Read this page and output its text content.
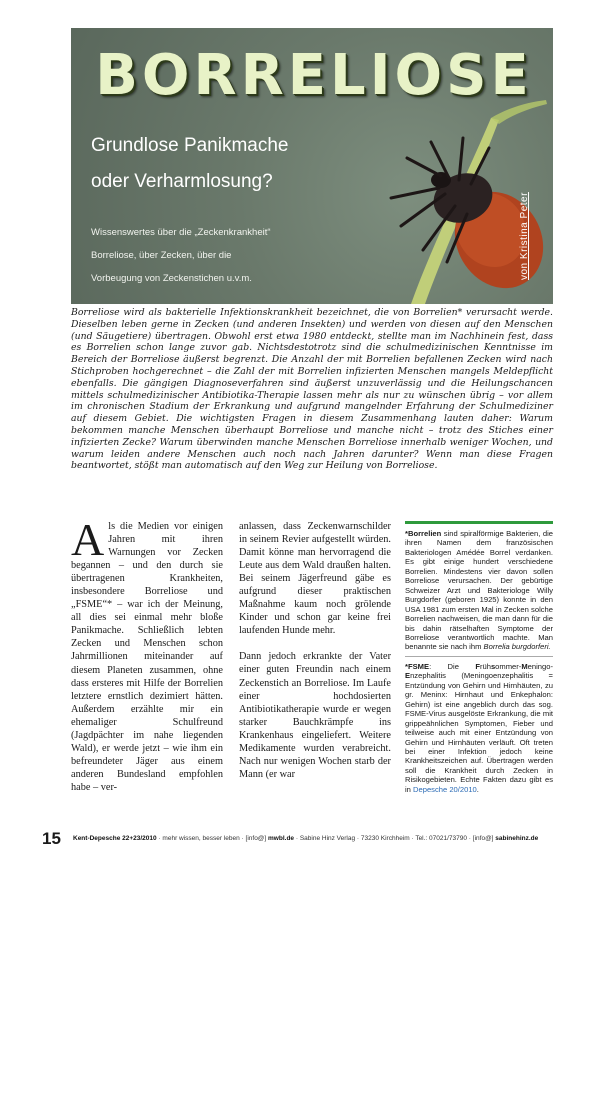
BORRELIOSE
Grundlose Panikmache
oder Verharmlosung?
Wissenswertes über die „Zeckenkrankheit“
Borreliose, über Zecken, über die
Vorbeugung von Zeckenstichen u.v.m.	von Kristina Peter
Borreliose wird als bakterielle Infektionskrankheit bezeichnet, die von Borrelien* verursacht werde. Dieselben leben gerne in Zecken (und anderen Insekten) und werden von diesen auf den Menschen (und Säugetiere) übertragen. Obwohl erst etwa 1980 entdeckt, stellte man im Nachhinein fest, dass es Borrelien schon lange zuvor gab. Nichtsdestotrotz sind die schulmedizinischen Kenntnisse im Bereich der Borreliose äußerst begrenzt. Die Anzahl der mit Borrelien befallenen Zecken wird nach Stichproben hochgerechnet – die Zahl der mit Borrelien infizierten Menschen mangels Meldepflicht ebenfalls. Die gängigen Diagnoseverfahren sind äußerst unzuverlässig und die Heilungschancen mittels schulmedizinischer Antibiotika-Therapie lassen mehr als nur zu wünschen übrig – vor allem im chronischen Stadium der Erkrankung und aufgrund mangelnder Erfahrung der Schulmediziner auf diesem Gebiet. Die wichtigsten Fragen in diesem Zusammenhang lauten daher: Warum bekommen manche Menschen überhaupt Borreliose und manche nicht – trotz des Stiches einer infizierten Zecke? Warum überwinden manche Menschen Borreliose innerhalb weniger Wochen, und warum leiden andere Menschen auch noch nach Jahren darunter? Wenn man diese Fragen beantwortet, stößt man automatisch auf den Weg zur Heilung von Borreliose.

Als die Medien vor einigen Jahren mit ihren Warnungen vor Zecken begannen – und den durch sie übertragenen Krankheiten, insbesondere Borreliose und „FSME“* – war ich der Meinung, all dies sei einmal mehr bloße Panikmache. Schließlich lebten Zecken und Menschen schon Jahrmillionen miteinander auf diesem Planeten zusammen, ohne dass ersteres mit Hilfe der Borrelien letztere ernstlich dezimiert hätten. Außerdem erzählte mir ein ehemaliger Schulfreund (Jagdpächter im nahe liegenden Wald), er werde jetzt – wie ihm ein befreundeter Jäger aus einem anderen Bundesland empfohlen habe – ver-

anlassen, dass Zeckenwarnschilder in seinem Revier aufgestellt würden. Damit könne man hervorragend die Leute aus dem Wald draußen halten. Bei seinem Jägerfreund gäbe es aufgrund dieser praktischen Maßnahme kaum noch grölende Kinder und schon gar keine frei laufenden Hunde mehr.

Dann jedoch erkrankte der Vater einer guten Freundin nach einem Zeckenstich an Borreliose. Im Laufe einer hochdosierten Antibiotikatherapie wurde er wegen starker Bauchkrämpfe ins Krankenhaus eingeliefert. Weitere Medikamente wurden verabreicht. Nach nur wenigen Wochen starb der Mann (er war

*Borrelien sind spiralförmige Bakterien, die ihren Namen dem französischen Bakteriologen Amédée Borrel verdanken. Es gibt einige hundert verschiedene Borrelien. Mindestens vier davon sollen Borreliose verursachen. Der gebürtige Schweizer Arzt und Bakteriologe Willy Burgdorfer (geboren 1925) konnte in den USA 1981 zum ersten Mal in Zecken solche Borrelien nachweisen, die man dann für die bis dahin rätselhaften Symptome der Borreliose verantwortlich machte. Man benannte sie nach ihm Borrelia burgdorferi.
*FSME: Die Frühsommer-Meningo-Enzephalitis (Meningoenzephalitis = Entzündung von Gehirn und Hirnhäuten, zu gr. Meninx: Hirnhaut und Enkephalon: Gehirn) ist eine angeblich durch das sog. FSME-Virus ausgelöste Erkrankung, die mit grippeähnlichen Symptomen, Fieber und teilweise auch mit einer Entzündung von Gehirn und Hirnhäuten verläuft. Oft treten bei einer Infektion jedoch keine Krankheitszeichen auf. Übertragen werden soll die Krankheit durch Zecken in Risikogebieten. Echte Fakten dazu gibt es in Depesche 20/2010.
15 Kent-Depesche 22+23/2010 · mehr wissen, besser leben · [info@] mwbl.de · Sabine Hinz Verlag · 73230 Kirchheim · Tel.: 07021/73790 · [info@] sabinehinz.de
